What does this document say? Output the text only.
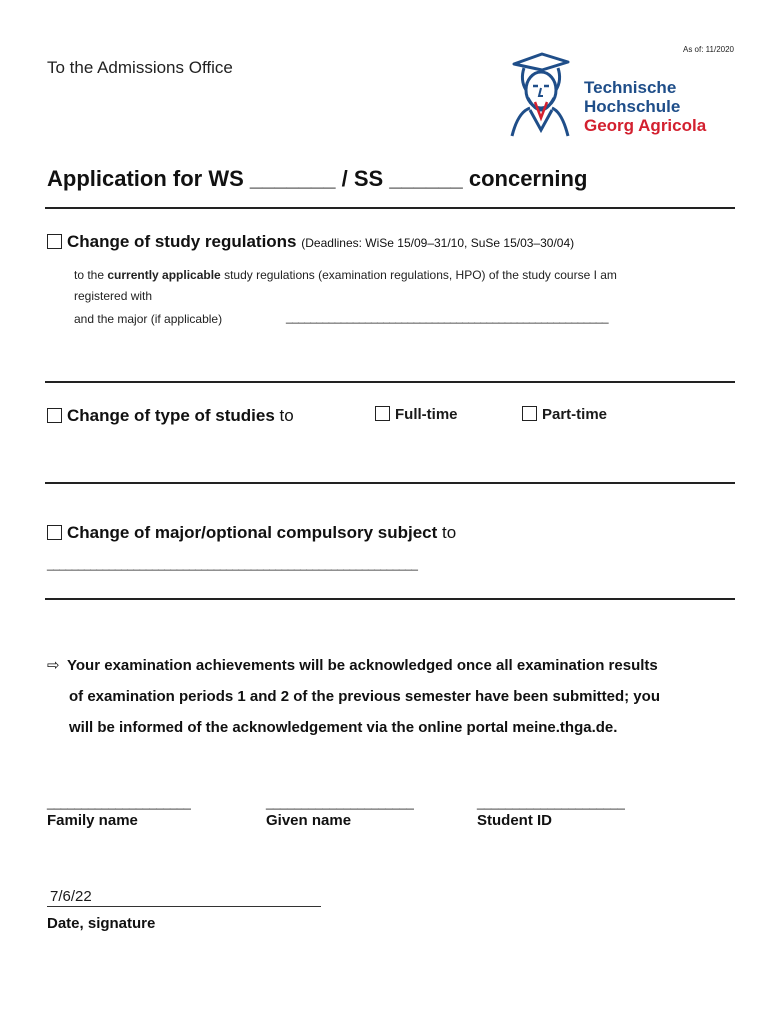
As of: 11/2020
To the Admissions Office
Technische
Hochschule
Georg Agricola
Application for WS _______ / SS ______ concerning
Change of study regulations (Deadlines: WiSe 15/09–31/10, SuSe 15/03–30/04)
to the currently applicable study regulations (examination regulations, HPO) of the study course I am
registered with
and the major (if applicable)	_____________________________________________________
Change of type of studies to	Full-time	Part-time
Change of major/optional compulsory subject to
____________________________________________________________
⇨ Your examination achievements will be acknowledged once all examination results
of examination periods 1 and 2 of the previous semester have been submitted; you
will be informed of the acknowledgement via the online portal meine.thga.de.
_____________________
Family name
_____________________
Given name
_____________________
Student ID
7/6/22
Date, signature
